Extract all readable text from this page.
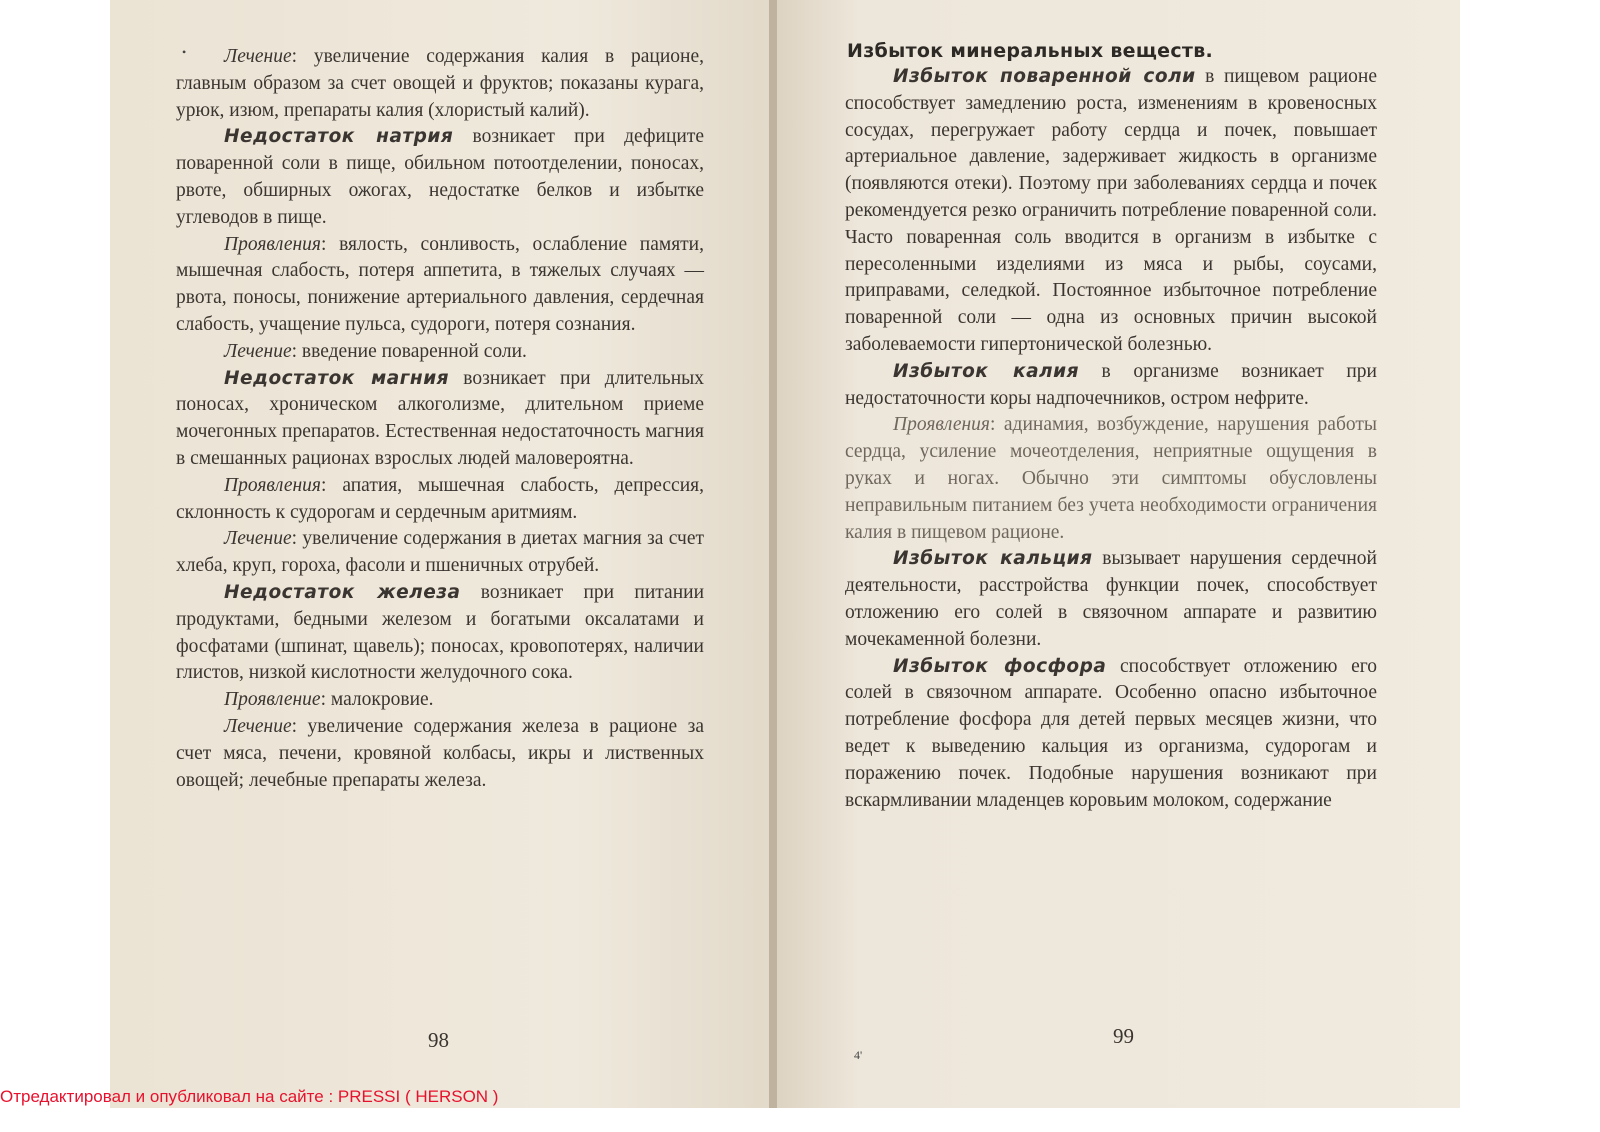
•	Лечение: увеличение содержания калия в рационе, главным образом за счет овощей и фруктов; показаны курага, урюк, изюм, препараты калия (хлористый калий).

Недостаток натрия возникает при дефиците поваренной соли в пище, обильном потоотделении, поносах, рвоте, обширных ожогах, недостатке белков и избытке углеводов в пище.

Проявления: вялость, сонливость, ослабление памяти, мышечная слабость, потеря аппетита, в тяжелых случаях — рвота, поносы, понижение артериального давления, сердечная слабость, учащение пульса, судороги, потеря сознания.

Лечение: введение поваренной соли.

Недостаток магния возникает при длительных поносах, хроническом алкоголизме, длительном приеме мочегонных препаратов. Естественная недостаточность магния в смешанных рационах взрослых людей маловероятна.

Проявления: апатия, мышечная слабость, депрессия, склонность к судорогам и сердечным аритмиям.

Лечение: увеличение содержания в диетах магния за счет хлеба, круп, гороха, фасоли и пшеничных отрубей.

Недостаток железа возникает при питании продуктами, бедными железом и богатыми оксалатами и фосфатами (шпинат, щавель); поносах, кровопотерях, наличии глистов, низкой кислотности желудочного сока.

Проявление: малокровие.

Лечение: увеличение содержания железа в рационе за счет мяса, печени, кровяной колбасы, икры и лиственных овощей; лечебные препараты железа.

98

Избыток минеральных веществ.

Избыток поваренной соли в пищевом рационе способствует замедлению роста, изменениям в кровеносных сосудах, перегружает работу сердца и почек, повышает артериальное давление, задерживает жидкость в организме (появляются отеки). Поэтому при заболеваниях сердца и почек рекомендуется резко ограничить потребление поваренной соли. Часто поваренная соль вводится в организм в избытке с пересоленными изделиями из мяса и рыбы, соусами, приправами, селедкой. Постоянное избыточное потребление поваренной соли — одна из основных причин высокой заболеваемости гипертонической болезнью.

Избыток калия в организме возникает при недостаточности коры надпочечников, остром нефрите.

Проявления: адинамия, возбуждение, нарушения работы сердца, усиление мочеотделения, неприятные ощущения в руках и ногах. Обычно эти симптомы обусловлены неправильным питанием без учета необходимости ограничения калия в пищевом рационе.

Избыток кальция вызывает нарушения сердечной деятельности, расстройства функции почек, способствует отложению его солей в связочном аппарате и развитию мочекаменной болезни.

Избыток фосфора способствует отложению его солей в связочном аппарате. Особенно опасно избыточное потребление фосфора для детей первых месяцев жизни, что ведет к выведению кальция из организма, судорогам и поражению почек. Подобные нарушения возникают при вскармливании младенцев коровьим молоком, содержание

4'
99
Отредактировал и опубликовал на сайте : PRESSI ( HERSON )
